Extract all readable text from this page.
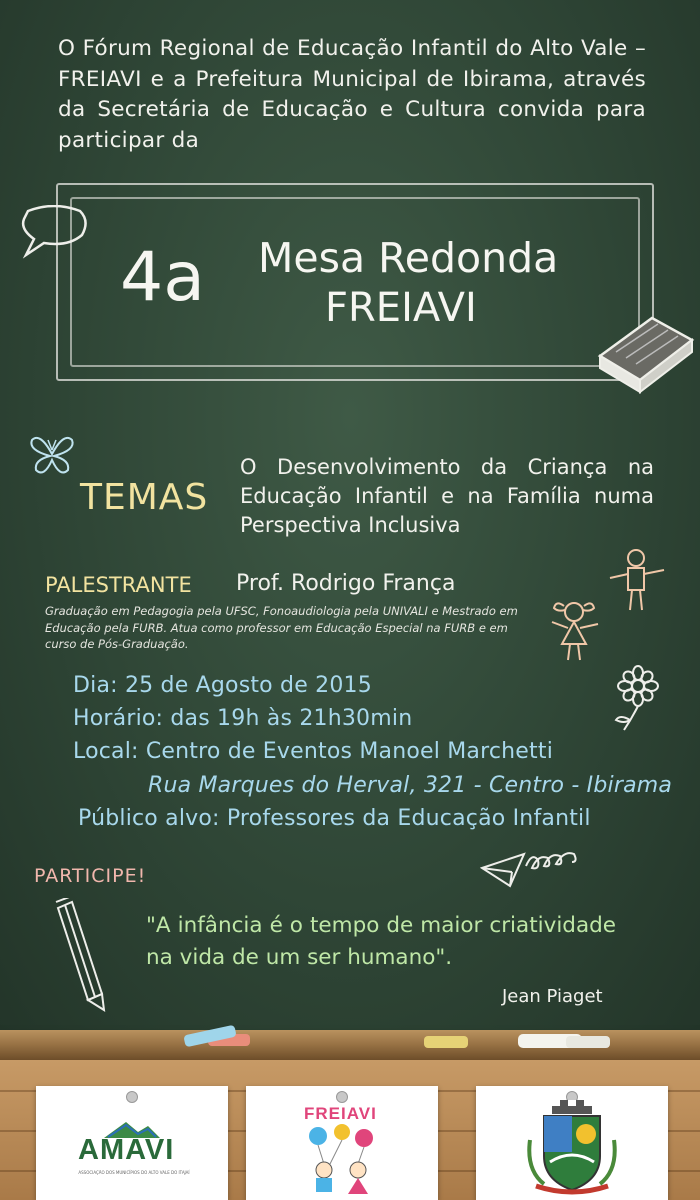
O Fórum Regional de Educação Infantil do Alto Vale – FREIAVI e a Prefeitura Municipal de Ibirama, através da Secretária de Educação e Cultura convida para participar da

4a Mesa Redonda

FREIAVI

TEMAS

O Desenvolvimento da Criança na Educação Infantil e na Família numa Perspectiva Inclusiva

PALESTRANTE Prof. Rodrigo França

Graduação em Pedagogia pela UFSC, Fonoaudiologia pela UNIVALI e Mestrado em Educação pela FURB. Atua como professor em Educação Especial na FURB e em curso de Pós-Graduação.

Dia: 25 de Agosto de 2015

Horário: das 19h às 21h30min

Local: Centro de Eventos Manoel Marchetti

Rua Marques do Herval, 321 - Centro - Ibirama

Público alvo: Professores da Educação Infantil

PARTICIPE!

"A infância é o tempo de maior criatividade na vida de um ser humano".

Jean Piaget

AMAVI
ASSOCIAÇÃO DOS MUNICÍPIOS DO ALTO VALE DO ITAJAÍ
FREIAVI
